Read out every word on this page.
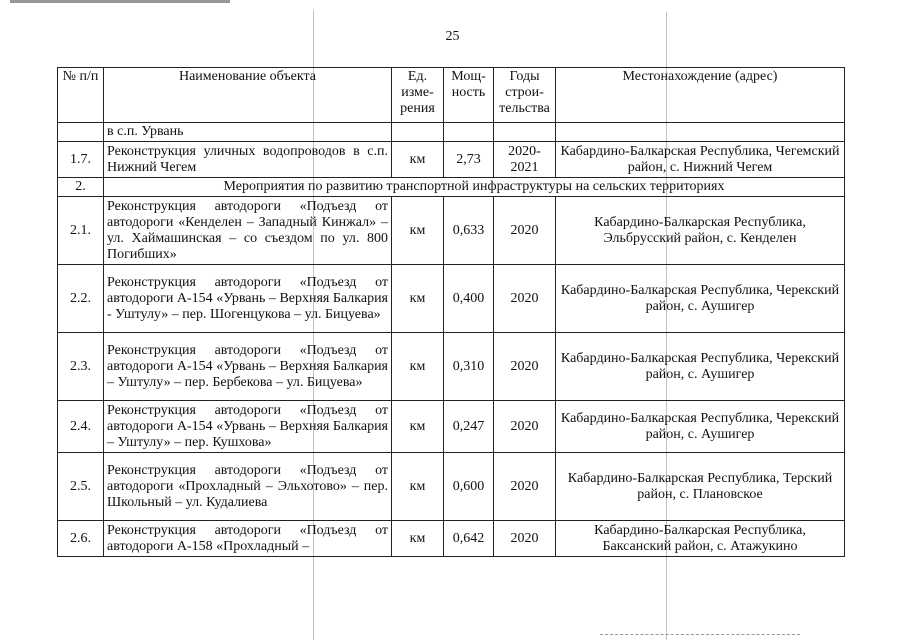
25
№ п/п	Наименование объекта	Ед. изме-рения	Мощ-ность	Годы строи-тельства	Местонахождение (адрес)
	в с.п. Урвань				
1.7.	Реконструкция уличных водопроводов в с.п. Нижний Чегем	км	2,73	2020-2021	Кабардино-Балкарская Республика, Чегемский район, с. Нижний Чегем
2.	Мероприятия по развитию транспортной инфраструктуры на сельских территориях				
2.1.	Реконструкция автодороги «Подъезд от автодороги «Кенделен – Западный Кинжал» – ул. Хаймашинская – со съездом по ул. 800 Погибших»	км	0,633	2020	Кабардино-Балкарская Республика, Эльбрусский район, с. Кенделен
2.2.	Реконструкция автодороги «Подъезд от автодороги А-154 «Урвань – Верхняя Балкария - Уштулу» – пер. Шогенцукова – ул. Бицуева»	км	0,400	2020	Кабардино-Балкарская Республика, Черекский район, с. Аушигер
2.3.	Реконструкция автодороги «Подъезд от автодороги А-154 «Урвань – Верхняя Балкария – Уштулу» – пер. Бербекова – ул. Бицуева»	км	0,310	2020	Кабардино-Балкарская Республика, Черекский район, с. Аушигер
2.4.	Реконструкция автодороги «Подъезд от автодороги А-154 «Урвань – Верхняя Балкария – Уштулу» – пер. Кушхова»	км	0,247	2020	Кабардино-Балкарская Республика, Черекский район, с. Аушигер
2.5.	Реконструкция автодороги «Подъезд от автодороги «Прохладный – Эльхотово» – пер. Школьный – ул. Кудалиева	км	0,600	2020	Кабардино-Балкарская Республика, Терский район, с. Плановское
2.6.	Реконструкция автодороги «Подъезд от автодороги А-158 «Прохладный –	км	0,642	2020	Кабардино-Балкарская Республика, Баксанский район, с. Атажукино
